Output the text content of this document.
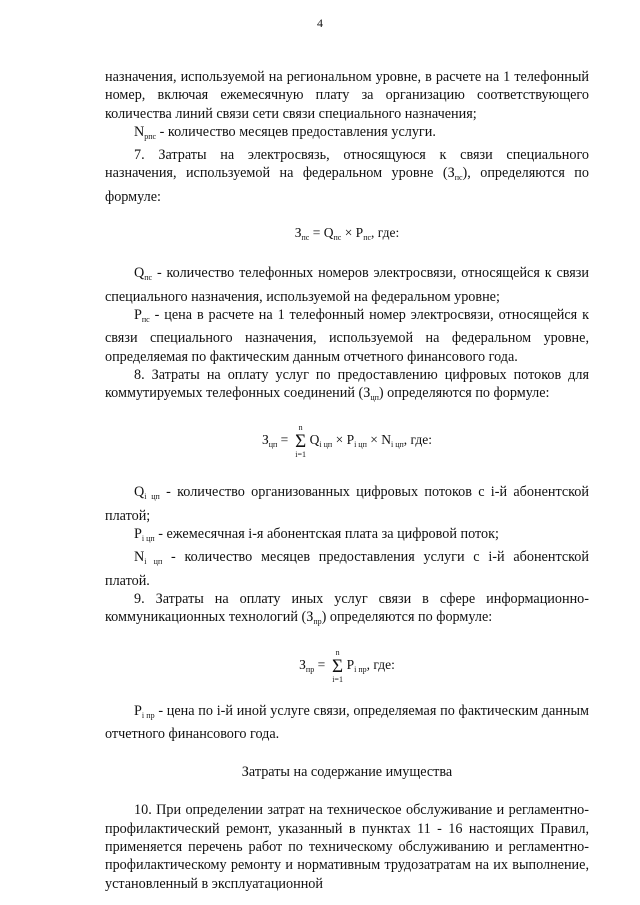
4

назначения, используемой на региональном уровне, в расчете на 1 телефонный номер, включая ежемесячную плату за организацию соответствующего количества линий связи сети связи специального назначения;

$N_{рпс}$ - количество месяцев предоставления услуги.

7. Затраты на электросвязь, относящуюся к связи специального назначения, используемой на федеральном уровне $(З_{пс})$, определяются по формуле:

$З_{пс} = Q_{пс} \times P_{пс}$, где:

$Q_{пс}$ - количество телефонных номеров электросвязи, относящейся к связи специального назначения, используемой на федеральном уровне;

$P_{пс}$ - цена в расчете на 1 телефонный номер электросвязи, относящейся к связи специального назначения, используемой на федеральном уровне, определяемая по фактическим данным отчетного финансового года.

8. Затраты на оплату услуг по предоставлению цифровых потоков для коммутируемых телефонных соединений $(З_{цп})$ определяются по формуле:

$З_{цп}$ =
n
Σ
i=1
$Q_{i цп} \times P_{i цп} \times N_{i цп}$, где:

$Q_{i цп}$ - количество организованных цифровых потоков с i-й абонентской платой;

$P_{i цп}$ - ежемесячная i-я абонентская плата за цифровой поток;

$N_{i цп}$ - количество месяцев предоставления услуги с i-й абонентской платой.

9. Затраты на оплату иных услуг связи в сфере информационно-коммуникационных технологий $(З_{пр})$ определяются по формуле:

$З_{пр}$ =
n
Σ
i=1
$P_{i пр}$, где:

$P_{i пр}$ - цена по i-й иной услуге связи, определяемая по фактическим данным отчетного финансового года.

Затраты на содержание имущества

10. При определении затрат на техническое обслуживание и регламентно-профилактический ремонт, указанный в пунктах 11 - 16 настоящих Правил, применяется перечень работ по техническому обслуживанию и регламентно-профилактическому ремонту и нормативным трудозатратам на их выполнение, установленный в эксплуатационной
